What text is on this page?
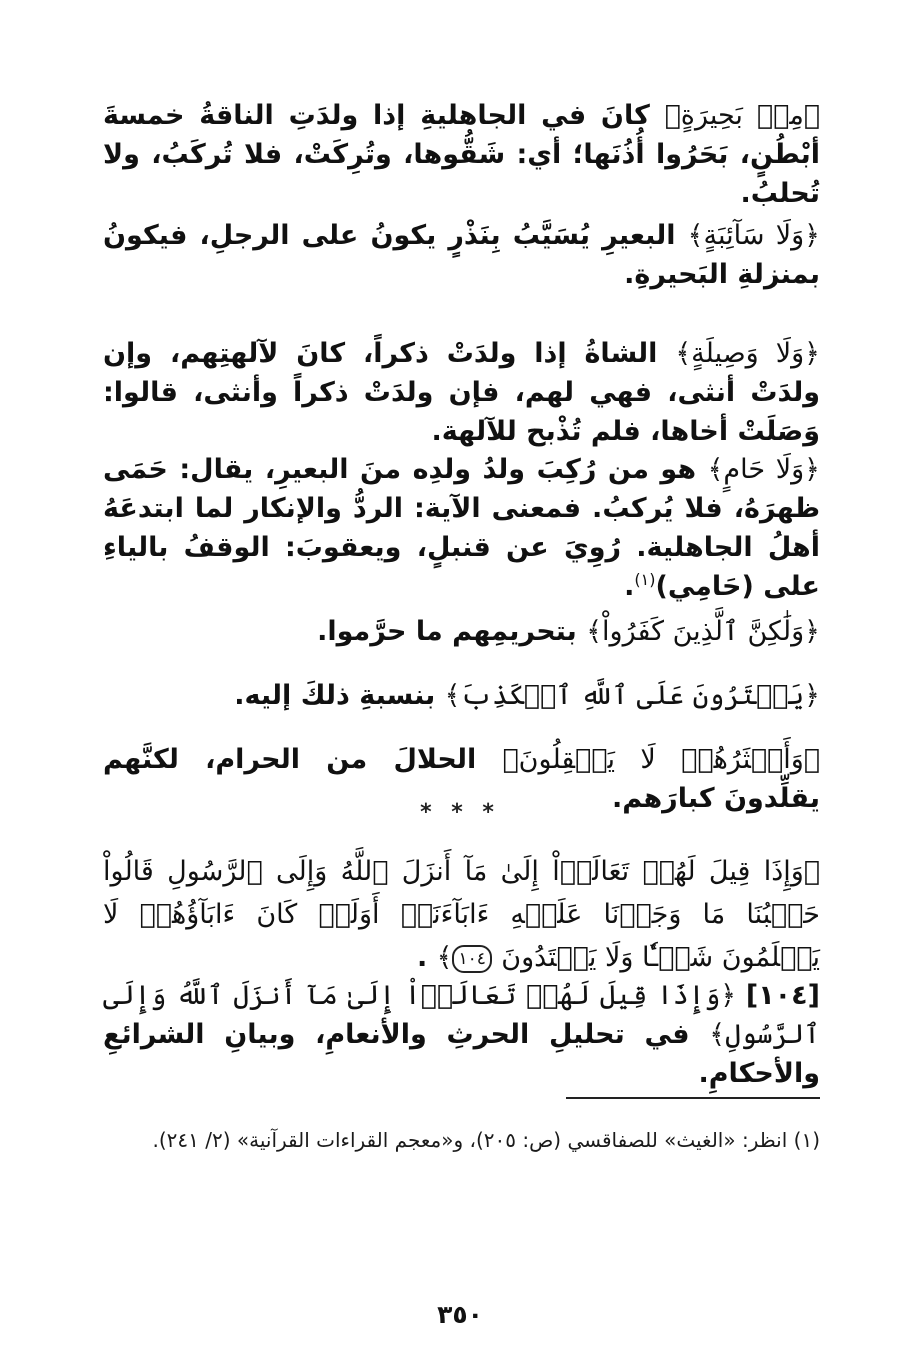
﴿مِنۢ بَحِيرَةٍ﴾ كانَ في الجاهليةِ إذا ولدَتِ الناقةُ خمسةَ أبْطُنٍ، بَحَرُوا أُذُنَها؛ أي: شَقُّوها، وتُرِكَتْ، فلا تُركَبُ، ولا تُحلبُ.

﴿وَلَا سَآئِبَةٍ﴾ البعيرِ يُسَيَّبُ بِنَذْرٍ يكونُ على الرجلِ، فيكونُ بمنزلةِ البَحيرةِ.

﴿وَلَا وَصِيلَةٍ﴾ الشاةُ إذا ولدَتْ ذكراً، كانَ لآلهتِهم، وإن ولدَتْ أنثى، فهي لهم، فإن ولدَتْ ذكراً وأنثى، قالوا: وَصَلَتْ أخاها، فلم تُذْبح للآلهة.

﴿وَلَا حَامٍ﴾ هو من رُكِبَ ولدُ ولدِه منَ البعيرِ، يقال: حَمَى ظهرَهُ، فلا يُركبُ. فمعنى الآية: الردُّ والإنكار لما ابتدعَهُ أهلُ الجاهلية. رُوِيَ عن قنبلٍ، ويعقوبَ: الوقفُ بالياءِ على (حَامِي)$^{(١)}$.

﴿وَلَٰكِنَّ ٱلَّذِينَ كَفَرُواْ﴾ بتحريمِهم ما حرَّموا.

﴿يَفۡتَرُونَ عَلَى ٱللَّهِ ٱلۡكَذِبَ﴾ بنسبةِ ذلكَ إليه.

﴿وَأَكۡثَرُهُمۡ لَا يَعۡقِلُونَ﴾ الحلالَ من الحرام، لكنَّهم يقلِّدونَ كبارَهم.

* * *

﴿وَإِذَا قِيلَ لَهُمۡ تَعَالَوۡاْ إِلَىٰ مَآ أَنزَلَ ٱللَّهُ وَإِلَى ٱلرَّسُولِ قَالُواْ حَسۡبُنَا مَا وَجَدۡنَا عَلَيۡهِ ءَابَآءَنَآۚ أَوَلَوۡ كَانَ ءَابَآؤُهُمۡ لَا يَعۡلَمُونَ شَيۡـٔٗا وَلَا يَهۡتَدُونَ ١٠٤﴾ .

[١٠٤] ﴿وَإِذَا قِيلَ لَهُمۡ تَعَالَوۡاْ إِلَىٰ مَآ أَنزَلَ ٱللَّهُ وَإِلَى ٱلرَّسُولِ﴾ في تحليلِ الحرثِ والأنعامِ، وبيانِ الشرائعِ والأحكامِ.

(١) انظر: «الغيث» للصفاقسي (ص: ٢٠٥)، و«معجم القراءات القرآنية» (٢/ ٢٤١).

٣٥٠
